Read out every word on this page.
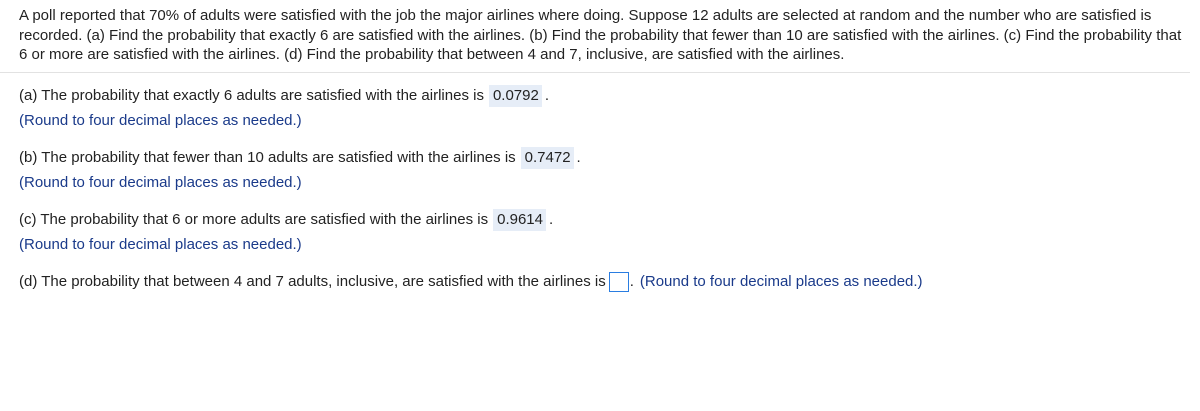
A poll reported that 70% of adults were satisfied with the job the major airlines where doing. Suppose 12 adults are selected at random and the number who are satisfied is recorded. (a) Find the probability that exactly 6 are satisfied with the airlines. (b) Find the probability that fewer than 10 are satisfied with the airlines. (c) Find the probability that 6 or more are satisfied with the airlines. (d) Find the probability that between 4 and 7, inclusive, are satisfied with the airlines.
(a) The probability that exactly 6 adults are satisfied with the airlines is 0.0792 .
(Round to four decimal places as needed.)
(b) The probability that fewer than 10 adults are satisfied with the airlines is 0.7472 .
(Round to four decimal places as needed.)
(c) The probability that 6 or more adults are satisfied with the airlines is 0.9614 .
(Round to four decimal places as needed.)
(d) The probability that between 4 and 7 adults, inclusive, are satisfied with the airlines is . (Round to four decimal places as needed.)
